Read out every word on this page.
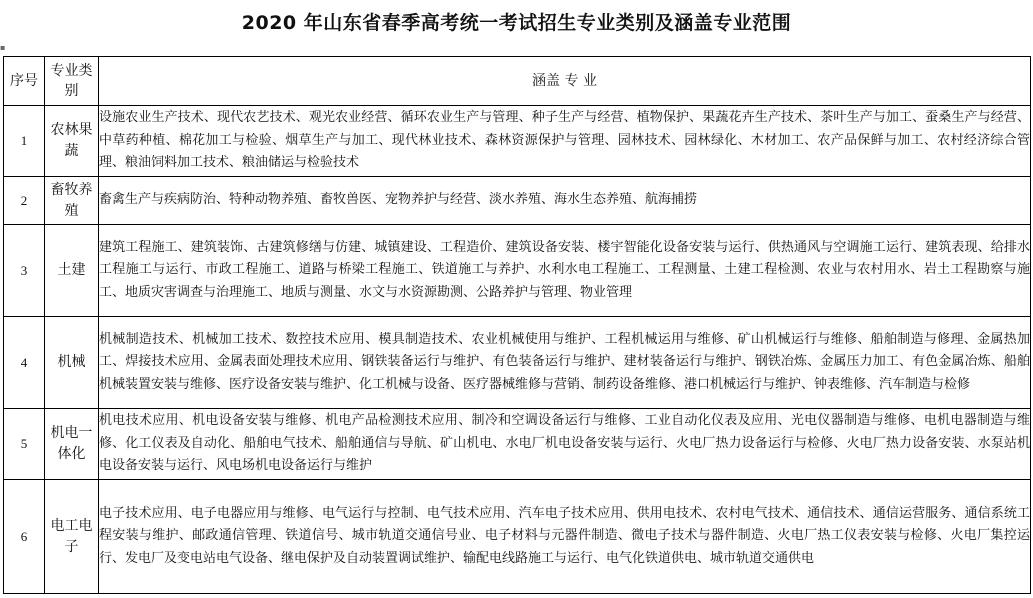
2020 年山东省春季高考统一考试招生专业类别及涵盖专业范围
▪
序号	专业类别	涵盖 专 业
1	农林果蔬	设施农业生产技术、现代农艺技术、观光农业经营、循环农业生产与管理、种子生产与经营、植物保护、果蔬花卉生产技术、茶叶生产与加工、蚕桑生产与经营、中草药种植、棉花加工与检验、烟草生产与加工、现代林业技术、森林资源保护与管理、园林技术、园林绿化、木材加工、农产品保鲜与加工、农村经济综合管理、粮油饲料加工技术、粮油储运与检验技术
2	畜牧养殖	畜禽生产与疾病防治、特种动物养殖、畜牧兽医、宠物养护与经营、淡水养殖、海水生态养殖、航海捕捞
3	土建	建筑工程施工、建筑装饰、古建筑修缮与仿建、城镇建设、工程造价、建筑设备安装、楼宇智能化设备安装与运行、供热通风与空调施工运行、建筑表现、给排水工程施工与运行、市政工程施工、道路与桥梁工程施工、铁道施工与养护、水利水电工程施工、工程测量、土建工程检测、农业与农村用水、岩土工程勘察与施工、地质灾害调查与治理施工、地质与测量、水文与水资源勘测、公路养护与管理、物业管理
4	机械	机械制造技术、机械加工技术、数控技术应用、模具制造技术、农业机械使用与维护、工程机械运用与维修、矿山机械运行与维修、船舶制造与修理、金属热加工、焊接技术应用、金属表面处理技术应用、钢铁装备运行与维护、有色装备运行与维护、建材装备运行与维护、钢铁冶炼、金属压力加工、有色金属冶炼、船舶机械装置安装与维修、医疗设备安装与维护、化工机械与设备、医疗器械维修与营销、制药设备维修、港口机械运行与维护、钟表维修、汽车制造与检修
5	机电一体化	机电技术应用、机电设备安装与维修、机电产品检测技术应用、制冷和空调设备运行与维修、工业自动化仪表及应用、光电仪器制造与维修、电机电器制造与维修、化工仪表及自动化、船舶电气技术、船舶通信与导航、矿山机电、水电厂机电设备安装与运行、火电厂热力设备运行与检修、火电厂热力设备安装、水泵站机电设备安装与运行、风电场机电设备运行与维护
6	电工电子	电子技术应用、电子电器应用与维修、电气运行与控制、电气技术应用、汽车电子技术应用、供用电技术、农村电气技术、通信技术、通信运营服务、通信系统工程安装与维护、邮政通信管理、铁道信号、城市轨道交通信号业、电子材料与元器件制造、微电子技术与器件制造、火电厂热工仪表安装与检修、火电厂集控运行、发电厂及变电站电气设备、继电保护及自动装置调试维护、输配电线路施工与运行、电气化铁道供电、城市轨道交通供电
